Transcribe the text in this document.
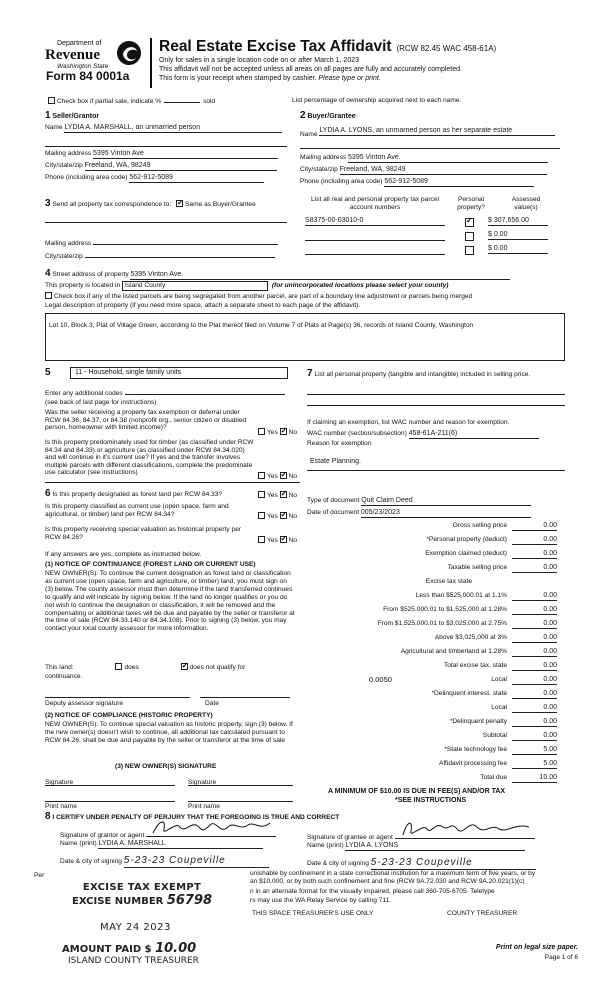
Department of
Revenue
Washington State
Form 84 0001a
Real Estate Excise Tax Affidavit (RCW 82.45 WAC 458-61A)
Only for sales in a single location code on or after March 1, 2023
This affidavit will not be accepted unless all areas on all pages are fully and accurately completed.
This form is your receipt when stamped by cashier. Please type or print.
Check box if partial sale, indicate %	sold	List percentage of ownership acquired next to each name.
1 Seller/Grantor
Name LYDIA A. MARSHALL, an unmarried person
Mailing address 5395 Vinton Ave
City/state/zip Freeland, WA, 98249
Phone (including area code) 562-912-5089
2 Buyer/Grantee
Name LYDIA A. LYONS, an unmarried person as her separate estate
Mailing address 5395 Vinton Ave.
City/state/zip Freeland, WA, 98249
Phone (including area code) 562-912-5089
3 Send all property tax correspondence to: ✓ Same as Buyer/Grantee
Mailing address
City/state/zip
List all real and personal property tax parcel account numbers
Personal property?
Assessed value(s)
S8375-00-03010-0 ✓	$ 307,656.00
$ 0.00
$ 0.00
4 Street address of property 5395 Vinton Ave.
This property is located in Island County	(for unincorporated locations please select your county)
Check box if any of the listed parcels are being segregated from another parcel, are part of a boundary line adjustment or parcels being merged
Legal description of property (if you need more space, attach a separate sheet to each page of the affidavit).
Lot 10, Block 3, Plat of Village Green, according to the Plat thereof filed on Volume 7 of Plats at Page(s) 36, records of Island County, Washington
5	11 - Household, single family units
Enter any additional codes
(see back of last page for instructions)
Was the seller receiving a property tax exemption or deferral under RCW 84.36, 84.37, or 84.38 (nonprofit org., senior citizen or disabled person, homeowner with limited income)?
Yes ✓ No
Is this property predominately used for timber (as classified under RCW 84.34 and 84.33) or agriculture (as classified under RCW 84.34.020) and will continue in it's current use? If yes and the transfer involves multiple parcels with different classifications, complete the predominate use calculator (see instructions)
Yes ✓ No
6 Is this property designated as forest land per RCW 84.33?	Yes ✓ No
Is this property classified as current use (open space, farm and agricultural, or timber) land per RCW 84.34?	Yes ✓ No
Is this property receiving special valuation as historical property per RCW 84.26?	Yes ✓ No
If any answers are yes, complete as instructed below.
(1) NOTICE OF CONTINUANCE (FOREST LAND OR CURRENT USE)
NEW OWNER(S): To continue the current designation as forest land or classification as current use (open space, farm and agriculture, or timber) land, you must sign on (3) below. The county assessor must then determine if the land transferred continues to qualify and will indicate by signing below. If the land no longer qualifies or you do not wish to continue the designation or classification, it will be removed and the compensating or additional taxes will be due and payable by the seller or transferor at the time of sale (RCW 84.33.140 or 84.34.108). Prior to signing (3) below, you may contact your local county assessor for more information.
This land:	does ✓	does not qualify for
continuance.
Deputy assessor signature	Date
(2) NOTICE OF COMPLIANCE (HISTORIC PROPERTY)
NEW OWNER(S): To continue special valuation as historic property, sign (3) below. If the new owner(s) doesn't wish to continue, all additional tax calculated pursuant to RCW 84.26, shall be due and payable by the seller or transferor at the time of sale
(3) NEW OWNER(S) SIGNATURE
Signature	Signature
Print name	Print name
7 List all personal property (tangible and intangible) included in selling price.
If claiming an exemption, list WAC number and reason for exemption.
WAC number (section/subsection) 458-61A-211(6)
Reason for exemption
Estate Planning.
Type of document Quit Claim Deed
Date of document 005/23/2023
Gross selling price	0.00
*Personal property (deduct)	0.00
Exemption claimed (deduct)	0.00
Taxable selling price	0.00
Excise tax state
Less than $525,000.01 at 1.1%	0.00
From $525,000.01 to $1,525,000 at 1.28%	0.00
From $1,525,000.01 to $3,025,000 at 2.75%	0.00
Above $3,025,000 at 3%	0.00
Agricultural and timberland at 1.28%	0.00
Total excise tax. state	0.00
0.0050	Local	0.00
*Delinquent interest. state	0.00
Local	0.00
*Delinquent penalty	0.00
Subtotal	0.00
*State technology fee	5.00
Affidavit processing fee	5.00
Total due	10.00
A MINIMUM OF $10.00 IS DUE IN FEE(S) AND/OR TAX
*SEE INSTRUCTIONS
8 I CERTIFY UNDER PENALTY OF PERJURY THAT THE FOREGOING IS TRUE AND CORRECT
Signature of grantor or agent
Name (print) LYDIA A. MARSHALL
Date & city of signing 5-23-23 Coupeville
Signature of grantee or agent
Name (print) LYDIA A. LYONS
Date & city of signing 5-23-23 Coupeville
Per	unishable by confinement in a state correctional institution for a maximum term of five years, or by
an $10,000, or by both such confinement and fine (RCW 9A.72.030 and RCW 9A.20.021(1)(c)
n in an alternate format for the visually impaired, please call 360-705-6705. Teletype
rs may use the WA Relay Service by calling 711.
THIS SPACE TREASURER'S USE ONLY	COUNTY TREASURER
EXCISE TAX EXEMPT
EXCISE NUMBER 56798
MAY 24 2023
AMOUNT PAID $ 10.00
ISLAND COUNTY TREASURER
Print on legal size paper.
Page 1 of 6
